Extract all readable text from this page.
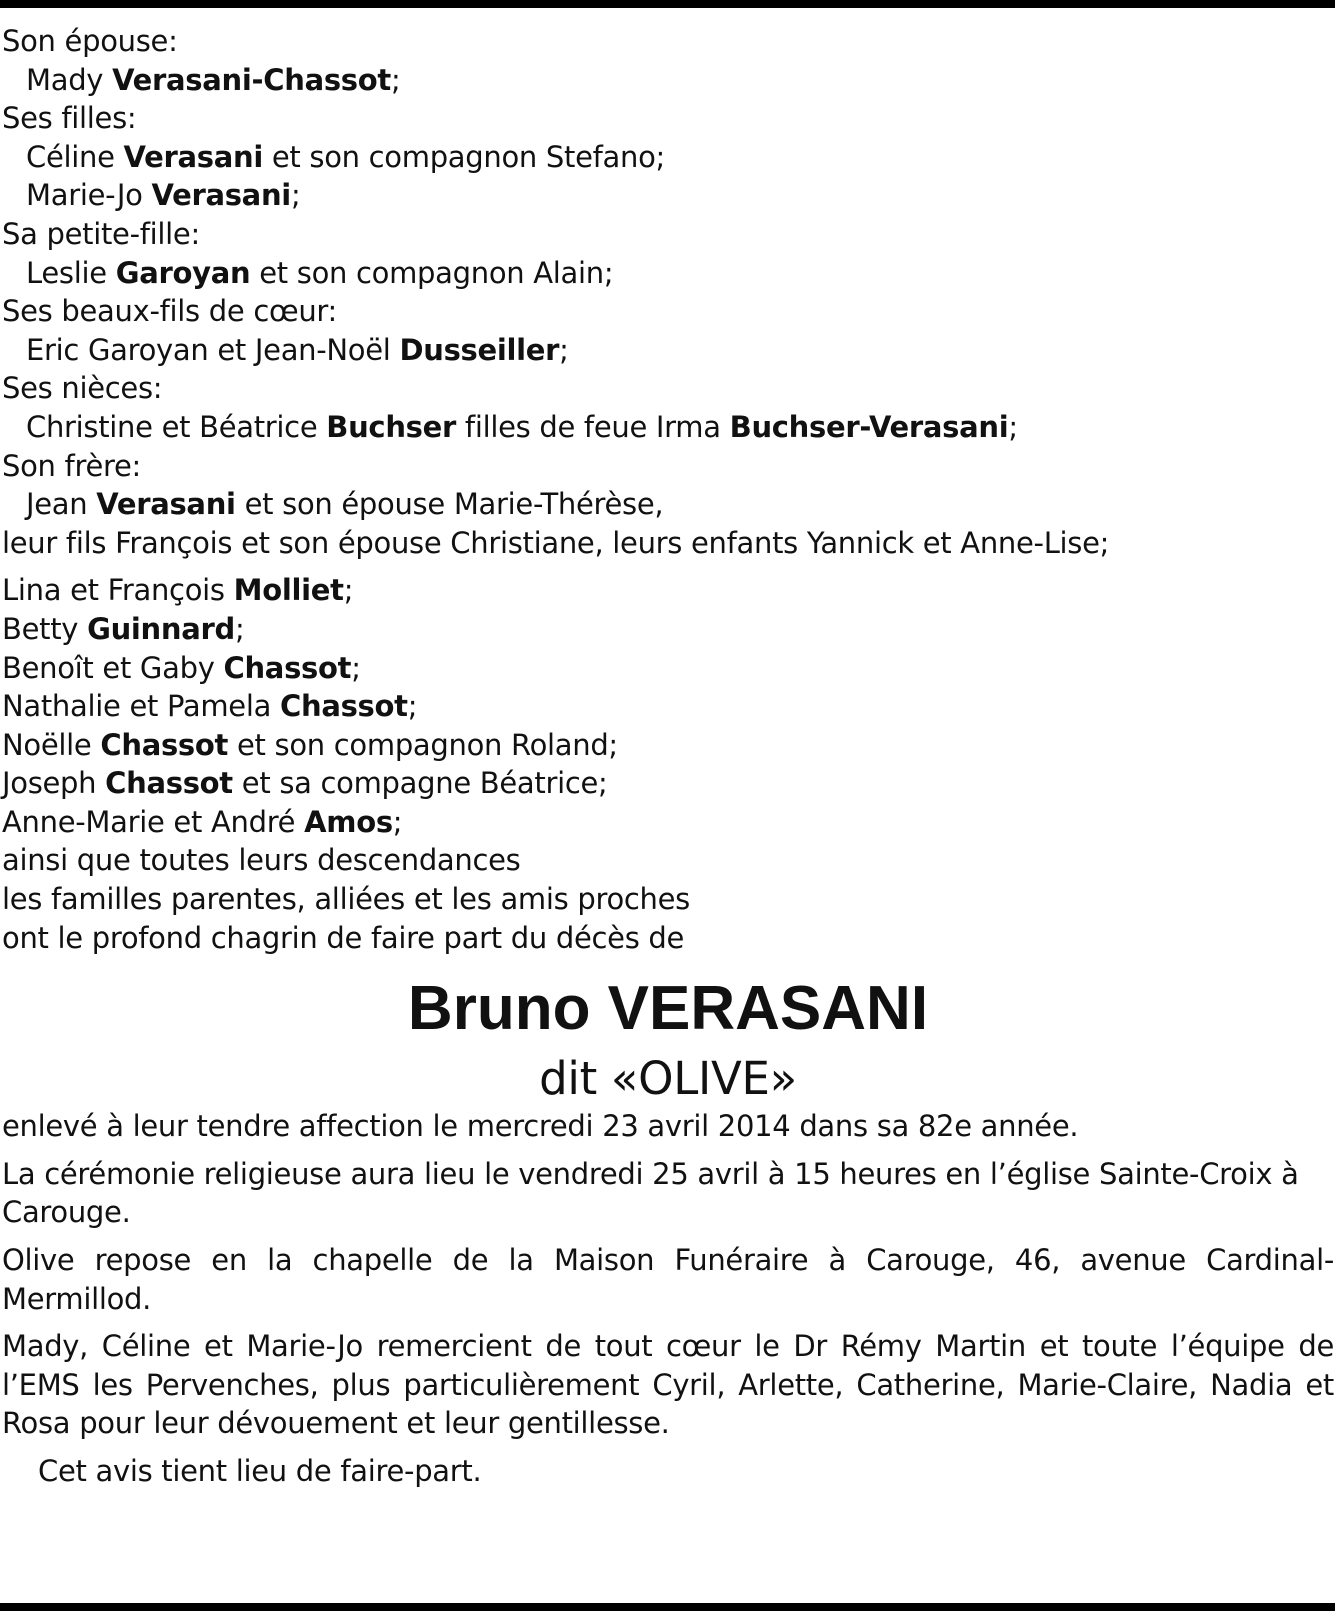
Son épouse:
Mady Verasani-Chassot;
Ses filles:
Céline Verasani et son compagnon Stefano;
Marie-Jo Verasani;
Sa petite-fille:
Leslie Garoyan et son compagnon Alain;
Ses beaux-fils de cœur:
Eric Garoyan et Jean-Noël Dusseiller;
Ses nièces:
Christine et Béatrice Buchser filles de feue Irma Buchser-Verasani;
Son frère:
Jean Verasani et son épouse Marie-Thérèse,
leur fils François et son épouse Christiane, leurs enfants Yannick et Anne-Lise;
Lina et François Molliet;
Betty Guinnard;
Benoît et Gaby Chassot;
Nathalie et Pamela Chassot;
Noëlle Chassot et son compagnon Roland;
Joseph Chassot et sa compagne Béatrice;
Anne-Marie et André Amos;
ainsi que toutes leurs descendances
les familles parentes, alliées et les amis proches
ont le profond chagrin de faire part du décès de
Bruno VERASANI
dit «OLIVE»
enlevé à leur tendre affection le mercredi 23 avril 2014 dans sa 82e année.
La cérémonie religieuse aura lieu le vendredi 25 avril à 15 heures en l’église Sainte-Croix à Carouge.
Olive repose en la chapelle de la Maison Funéraire à Carouge, 46, avenue Cardinal-Mermillod.
Mady, Céline et Marie-Jo remercient de tout cœur le Dr Rémy Martin et toute l’équipe de l’EMS les Pervenches, plus particulièrement Cyril, Arlette, Catherine, Marie-Claire, Nadia et Rosa pour leur dévouement et leur gentillesse.
Cet avis tient lieu de faire-part.
